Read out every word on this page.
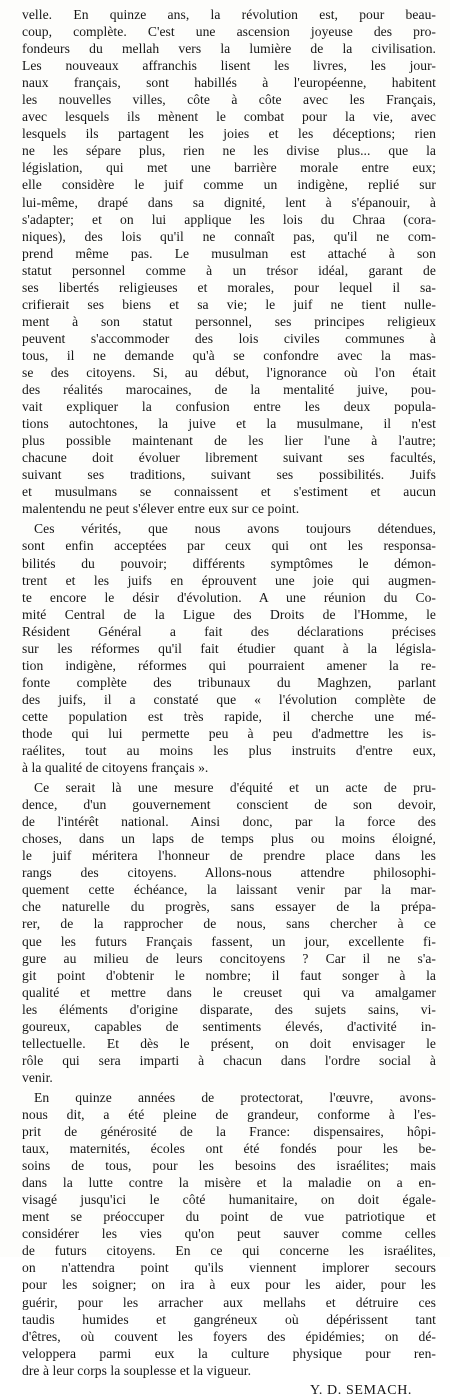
velle. En quinze ans, la révolution est, pour beau-
coup, complète. C'est une ascension joyeuse des pro-
fondeurs du mellah vers la lumière de la civilisation.
Les nouveaux affranchis lisent les livres, les jour-
naux français, sont habillés à l'européenne, habitent
les nouvelles villes, côte à côte avec les Français,
avec lesquels ils mènent le combat pour la vie, avec
lesquels ils partagent les joies et les déceptions; rien
ne les sépare plus, rien ne les divise plus... que la
législation, qui met une barrière morale entre eux;
elle considère le juif comme un indigène, replié sur
lui-même, drapé dans sa dignité, lent à s'épanouir, à
s'adapter; et on lui applique les lois du Chraa (cora-
niques), des lois qu'il ne connaît pas, qu'il ne com-
prend même pas. Le musulman est attaché à son
statut personnel comme à un trésor idéal, garant de
ses libertés religieuses et morales, pour lequel il sa-
crifierait ses biens et sa vie; le juif ne tient nulle-
ment à son statut personnel, ses principes religieux
peuvent s'accommoder des lois civiles communes à
tous, il ne demande qu'à se confondre avec la mas-
se des citoyens. Si, au début, l'ignorance où l'on était
des réalités marocaines, de la mentalité juive, pou-
vait expliquer la confusion entre les deux popula-
tions autochtones, la juive et la musulmane, il n'est
plus possible maintenant de les lier l'une à l'autre;
chacune doit évoluer librement suivant ses facultés,
suivant ses traditions, suivant ses possibilités. Juifs
et musulmans se connaissent et s'estiment et aucun
malentendu ne peut s'élever entre eux sur ce point.
Ces vérités, que nous avons toujours détendues,
sont enfin acceptées par ceux qui ont les responsa-
bilités du pouvoir; différents symptômes le démon-
trent et les juifs en éprouvent une joie qui augmen-
te encore le désir d'évolution. A une réunion du Co-
mité Central de la Ligue des Droits de l'Homme, le
Résident Général a fait des déclarations précises
sur les réformes qu'il fait étudier quant à la législa-
tion indigène, réformes qui pourraient amener la re-
fonte complète des tribunaux du Maghzen, parlant
des juifs, il a constaté que « l'évolution complète de
cette population est très rapide, il cherche une mé-
thode qui lui permette peu à peu d'admettre les is-
raélites, tout au moins les plus instruits d'entre eux,
à la qualité de citoyens français ».
Ce serait là une mesure d'équité et un acte de pru-
dence, d'un gouvernement conscient de son devoir,
de l'intérêt national. Ainsi donc, par la force des
choses, dans un laps de temps plus ou moins éloigné,
le juif méritera l'honneur de prendre place dans les
rangs des citoyens. Allons-nous attendre philosophi-
quement cette échéance, la laissant venir par la mar-
che naturelle du progrès, sans essayer de la prépa-
rer, de la rapprocher de nous, sans chercher à ce
que les futurs Français fassent, un jour, excellente fi-
gure au milieu de leurs concitoyens ? Car il ne s'a-
git point d'obtenir le nombre; il faut songer à la
qualité et mettre dans le creuset qui va amalgamer
les éléments d'origine disparate, des sujets sains, vi-
goureux, capables de sentiments élevés, d'activité in-
tellectuelle. Et dès le présent, on doit envisager le
rôle qui sera imparti à chacun dans l'ordre social à
venir.
En quinze années de protectorat, l'œuvre, avons-
nous dit, a été pleine de grandeur, conforme à l'es-
prit de générosité de la France: dispensaires, hôpi-
taux, maternités, écoles ont été fondés pour les be-
soins de tous, pour les besoins des israélites; mais
dans la lutte contre la misère et la maladie on a en-
visagé jusqu'ici le côté humanitaire, on doit égale-
ment se préoccuper du point de vue patriotique et
considérer les vies qu'on peut sauver comme celles
de futurs citoyens. En ce qui concerne les israélites,
on n'attendra point qu'ils viennent implorer secours
pour les soigner; on ira à eux pour les aider, pour les
guérir, pour les arracher aux mellahs et détruire ces
taudis humides et gangréneux où dépérissent tant
d'êtres, où couvent les foyers des épidémies; on dé-
veloppera parmi eux la culture physique pour ren-
dre à leur corps la souplesse et la vigueur.
Y. D. SEMACH.
